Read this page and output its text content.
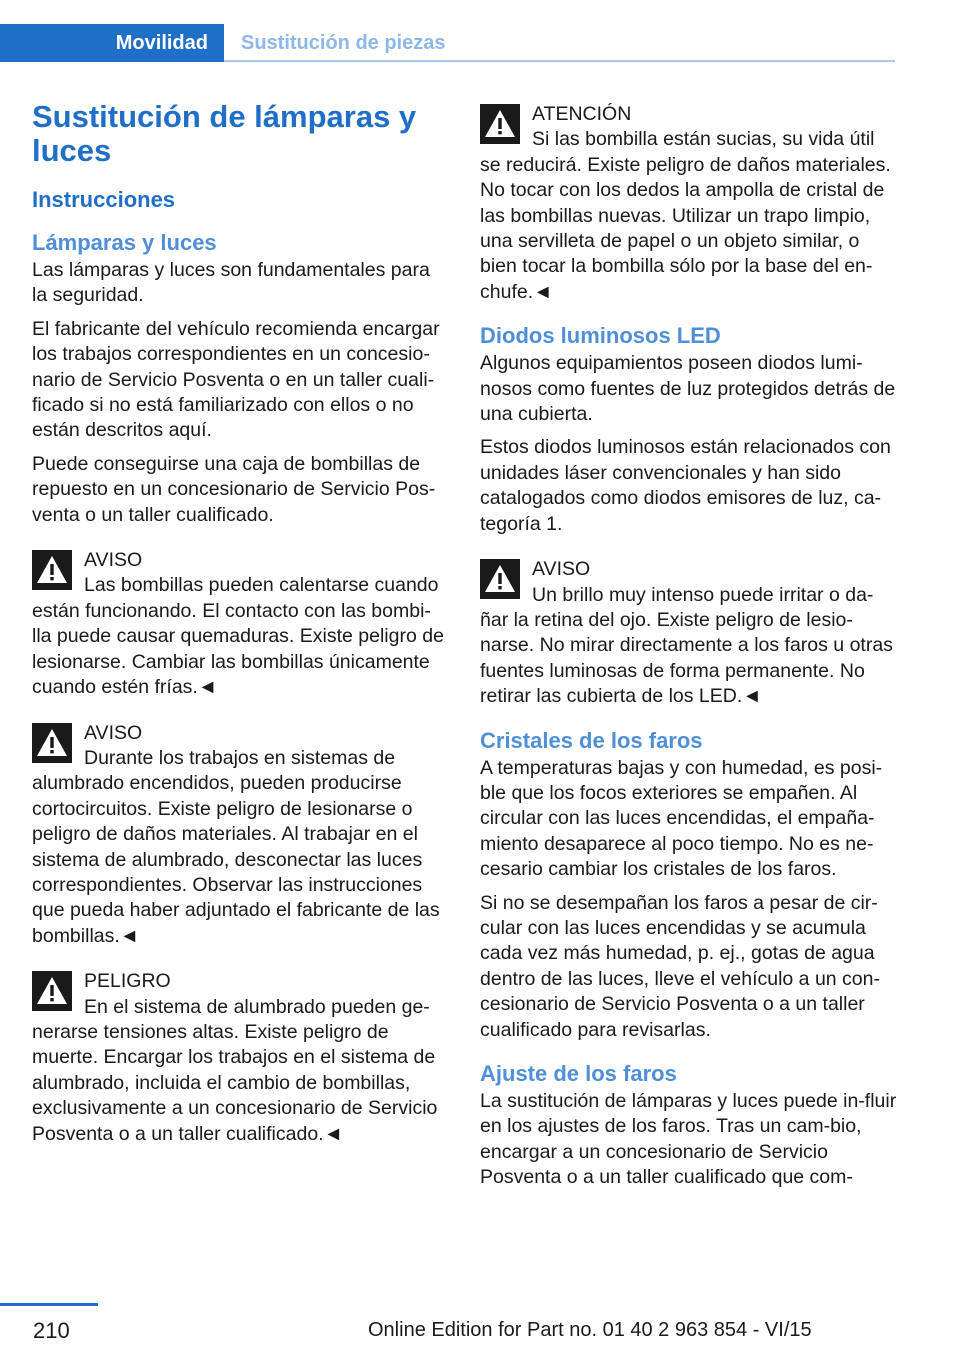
Movilidad Sustitución de piezas
Sustitución de lámparas y luces
Instrucciones
Lámparas y luces

Las lámparas y luces son fundamentales para la seguridad.

El fabricante del vehículo recomienda encargar los trabajos correspondientes en un concesio-nario de Servicio Posventa o en un taller cuali-ficado si no está familiarizado con ellos o no están descritos aquí.

Puede conseguirse una caja de bombillas de repuesto en un concesionario de Servicio Pos-venta o un taller cualificado.

AVISO
Las bombillas pueden calentarse cuando
están funcionando. El contacto con las bombi-lla puede causar quemaduras. Existe peligro de lesionarse. Cambiar las bombillas únicamente cuando estén frías.◄
AVISO
Durante los trabajos en sistemas de
alumbrado encendidos, pueden producirse cortocircuitos. Existe peligro de lesionarse o peligro de daños materiales. Al trabajar en el sistema de alumbrado, desconectar las luces correspondientes. Observar las instrucciones que pueda haber adjuntado el fabricante de las bombillas.◄
PELIGRO
En el sistema de alumbrado pueden ge-
nerarse tensiones altas. Existe peligro de muerte. Encargar los trabajos en el sistema de alumbrado, incluida el cambio de bombillas, exclusivamente a un concesionario de Servicio Posventa o a un taller cualificado.◄
ATENCIÓN
Si las bombilla están sucias, su vida útil
se reducirá. Existe peligro de daños materiales. No tocar con los dedos la ampolla de cristal de las bombillas nuevas. Utilizar un trapo limpio, una servilleta de papel o un objeto similar, o bien tocar la bombilla sólo por la base del en-chufe.◄
Diodos luminosos LED

Algunos equipamientos poseen diodos lumi-nosos como fuentes de luz protegidos detrás de una cubierta.

Estos diodos luminosos están relacionados con unidades láser convencionales y han sido catalogados como diodos emisores de luz, ca-tegoría 1.

AVISO
Un brillo muy intenso puede irritar o da-
ñar la retina del ojo. Existe peligro de lesio-narse. No mirar directamente a los faros u otras fuentes luminosas de forma permanente. No retirar las cubierta de los LED.◄
Cristales de los faros

A temperaturas bajas y con humedad, es posi-ble que los focos exteriores se empañen. Al circular con las luces encendidas, el empaña-miento desaparece al poco tiempo. No es ne-cesario cambiar los cristales de los faros.

Si no se desempañan los faros a pesar de cir-cular con las luces encendidas y se acumula cada vez más humedad, p. ej., gotas de agua dentro de las luces, lleve el vehículo a un con-cesionario de Servicio Posventa o a un taller cualificado para revisarlas.

Ajuste de los faros

La sustitución de lámparas y luces puede in-fluir en los ajustes de los faros. Tras un cam-bio, encargar a un concesionario de Servicio Posventa o a un taller cualificado que com-

210	Online Edition for Part no. 01 40 2 963 854 - VI/15
